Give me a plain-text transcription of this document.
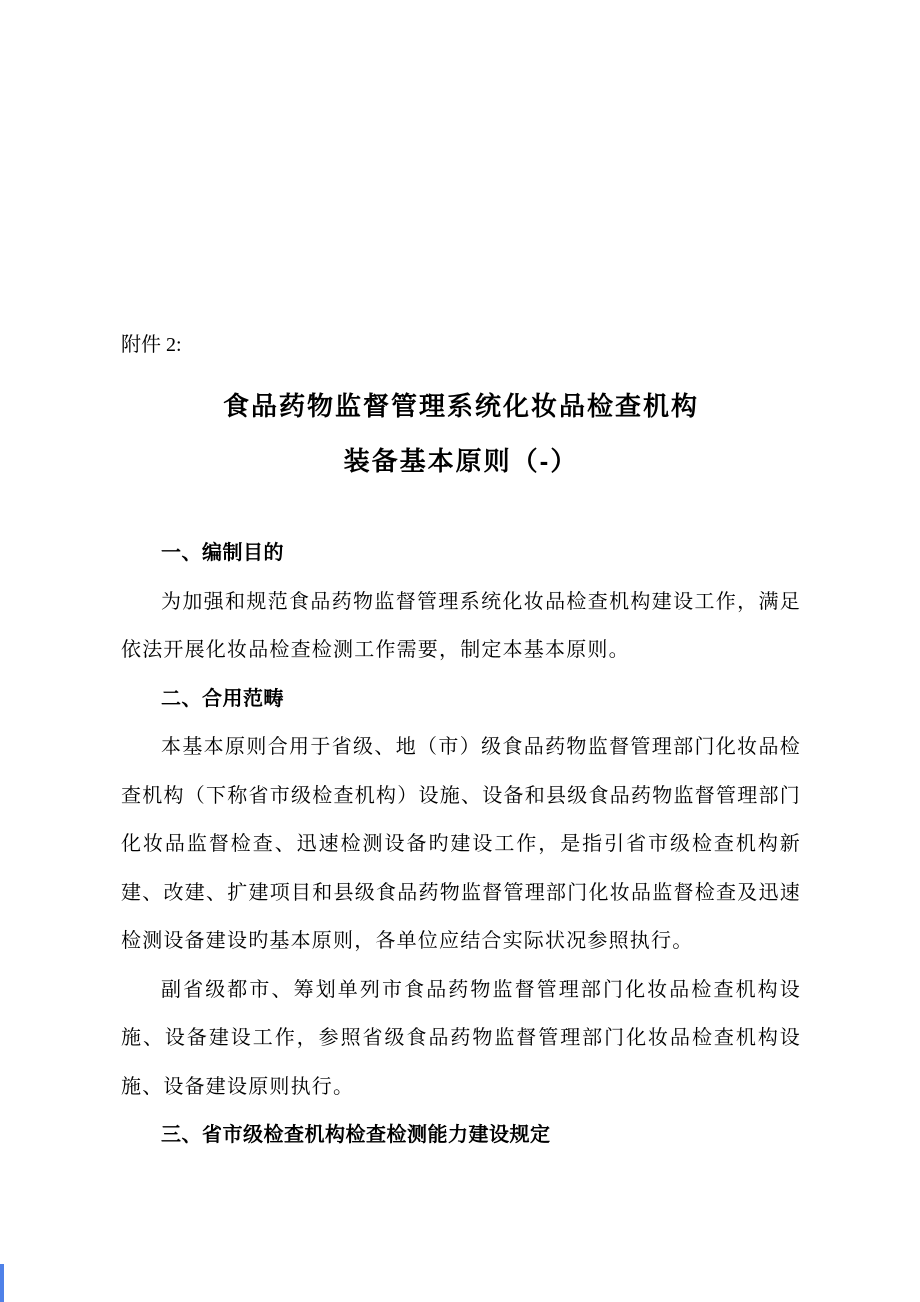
附件 2:
食品药物监督管理系统化妆品检查机构
装备基本原则（-）
一、编制目的

为加强和规范食品药物监督管理系统化妆品检查机构建设工作，满足依法开展化妆品检查检测工作需要，制定本基本原则。

二、合用范畴

本基本原则合用于省级、地（市）级食品药物监督管理部门化妆品检查机构（下称省市级检查机构）设施、设备和县级食品药物监督管理部门化妆品监督检查、迅速检测设备旳建设工作，是指引省市级检查机构新建、改建、扩建项目和县级食品药物监督管理部门化妆品监督检查及迅速检测设备建设旳基本原则，各单位应结合实际状况参照执行。

副省级都市、筹划单列市食品药物监督管理部门化妆品检查机构设施、设备建设工作，参照省级食品药物监督管理部门化妆品检查机构设施、设备建设原则执行。

三、省市级检查机构检查检测能力建设规定
